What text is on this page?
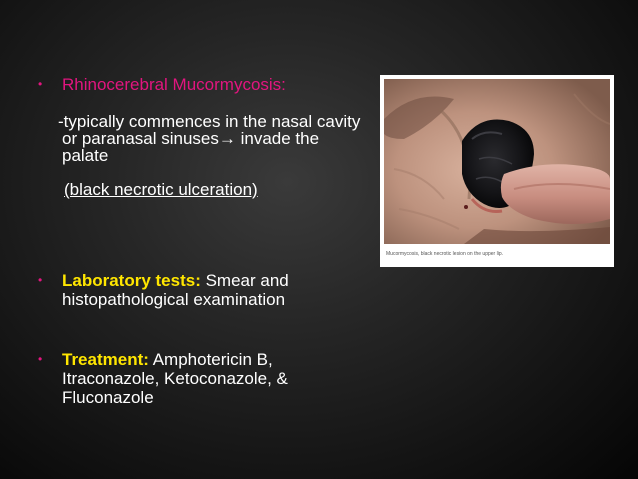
• Rhinocerebral Mucormycosis:
-typically commences in the nasal cavity or paranasal sinuses→ invade the palate
(black necrotic ulceration)
• Laboratory tests: Smear and histopathological examination
• Treatment: Amphotericin B, Itraconazole, Ketoconazole, & Fluconazole
Mucormycosis, black necrotic lesion on the upper lip.
